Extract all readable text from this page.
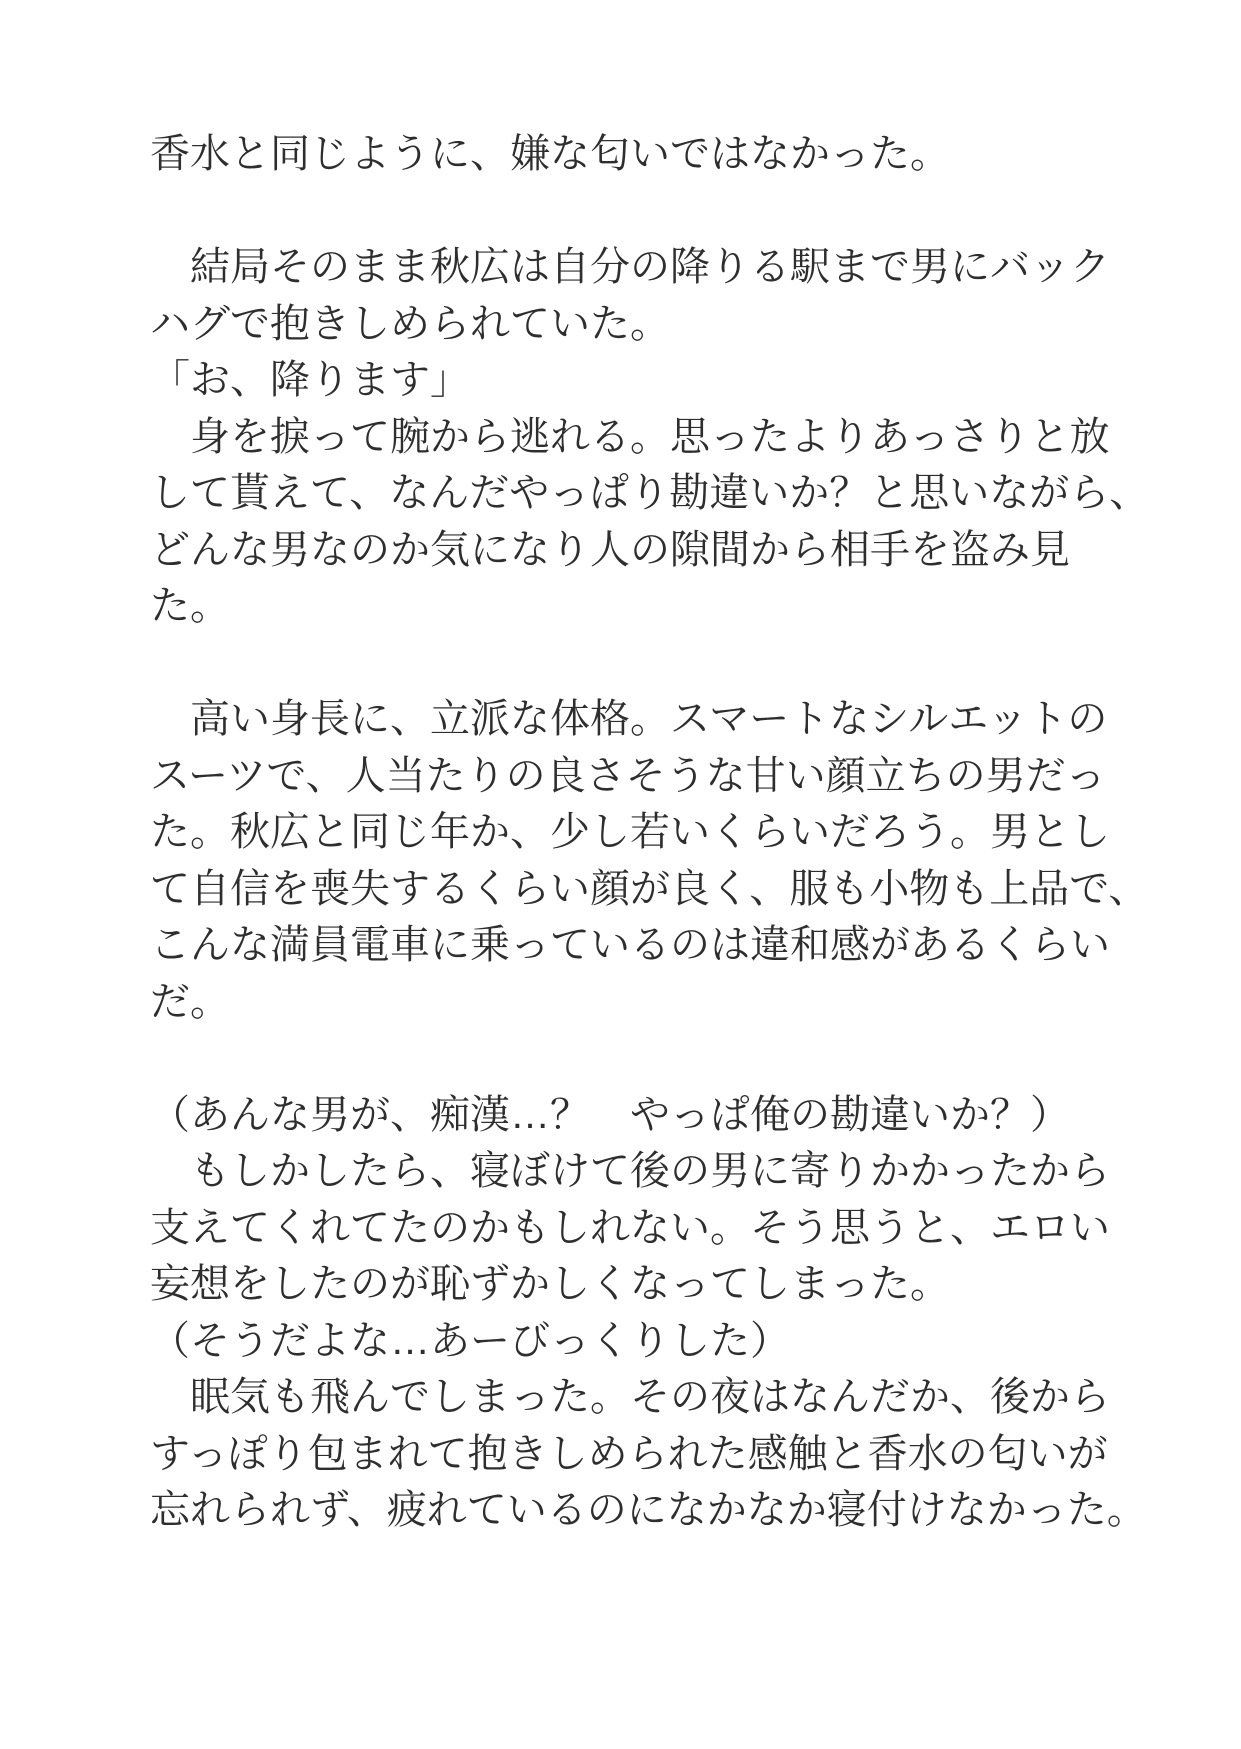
香水と同じように、嫌な匂いではなかった。
　結局そのまま秋広は自分の降りる駅まで男にバック
ハグで抱きしめられていた。
「お、降ります」
　身を捩って腕から逃れる。思ったよりあっさりと放
して貰えて、なんだやっぱり勘違いか？と思いながら、
どんな男なのか気になり人の隙間から相手を盗み見
た。
　高い身長に、立派な体格。スマートなシルエットの
スーツで、人当たりの良さそうな甘い顔立ちの男だっ
た。秋広と同じ年か、少し若いくらいだろう。男とし
て自信を喪失するくらい顔が良く、服も小物も上品で、
こんな満員電車に乗っているのは違和感があるくらい
だ。
（あんな男が、痴漢…？　やっぱ俺の勘違いか？）
　もしかしたら、寝ぼけて後の男に寄りかかったから
支えてくれてたのかもしれない。そう思うと、エロい
妄想をしたのが恥ずかしくなってしまった。
（そうだよな…あーびっくりした）
　眠気も飛んでしまった。その夜はなんだか、後から
すっぽり包まれて抱きしめられた感触と香水の匂いが
忘れられず、疲れているのになかなか寝付けなかった。
